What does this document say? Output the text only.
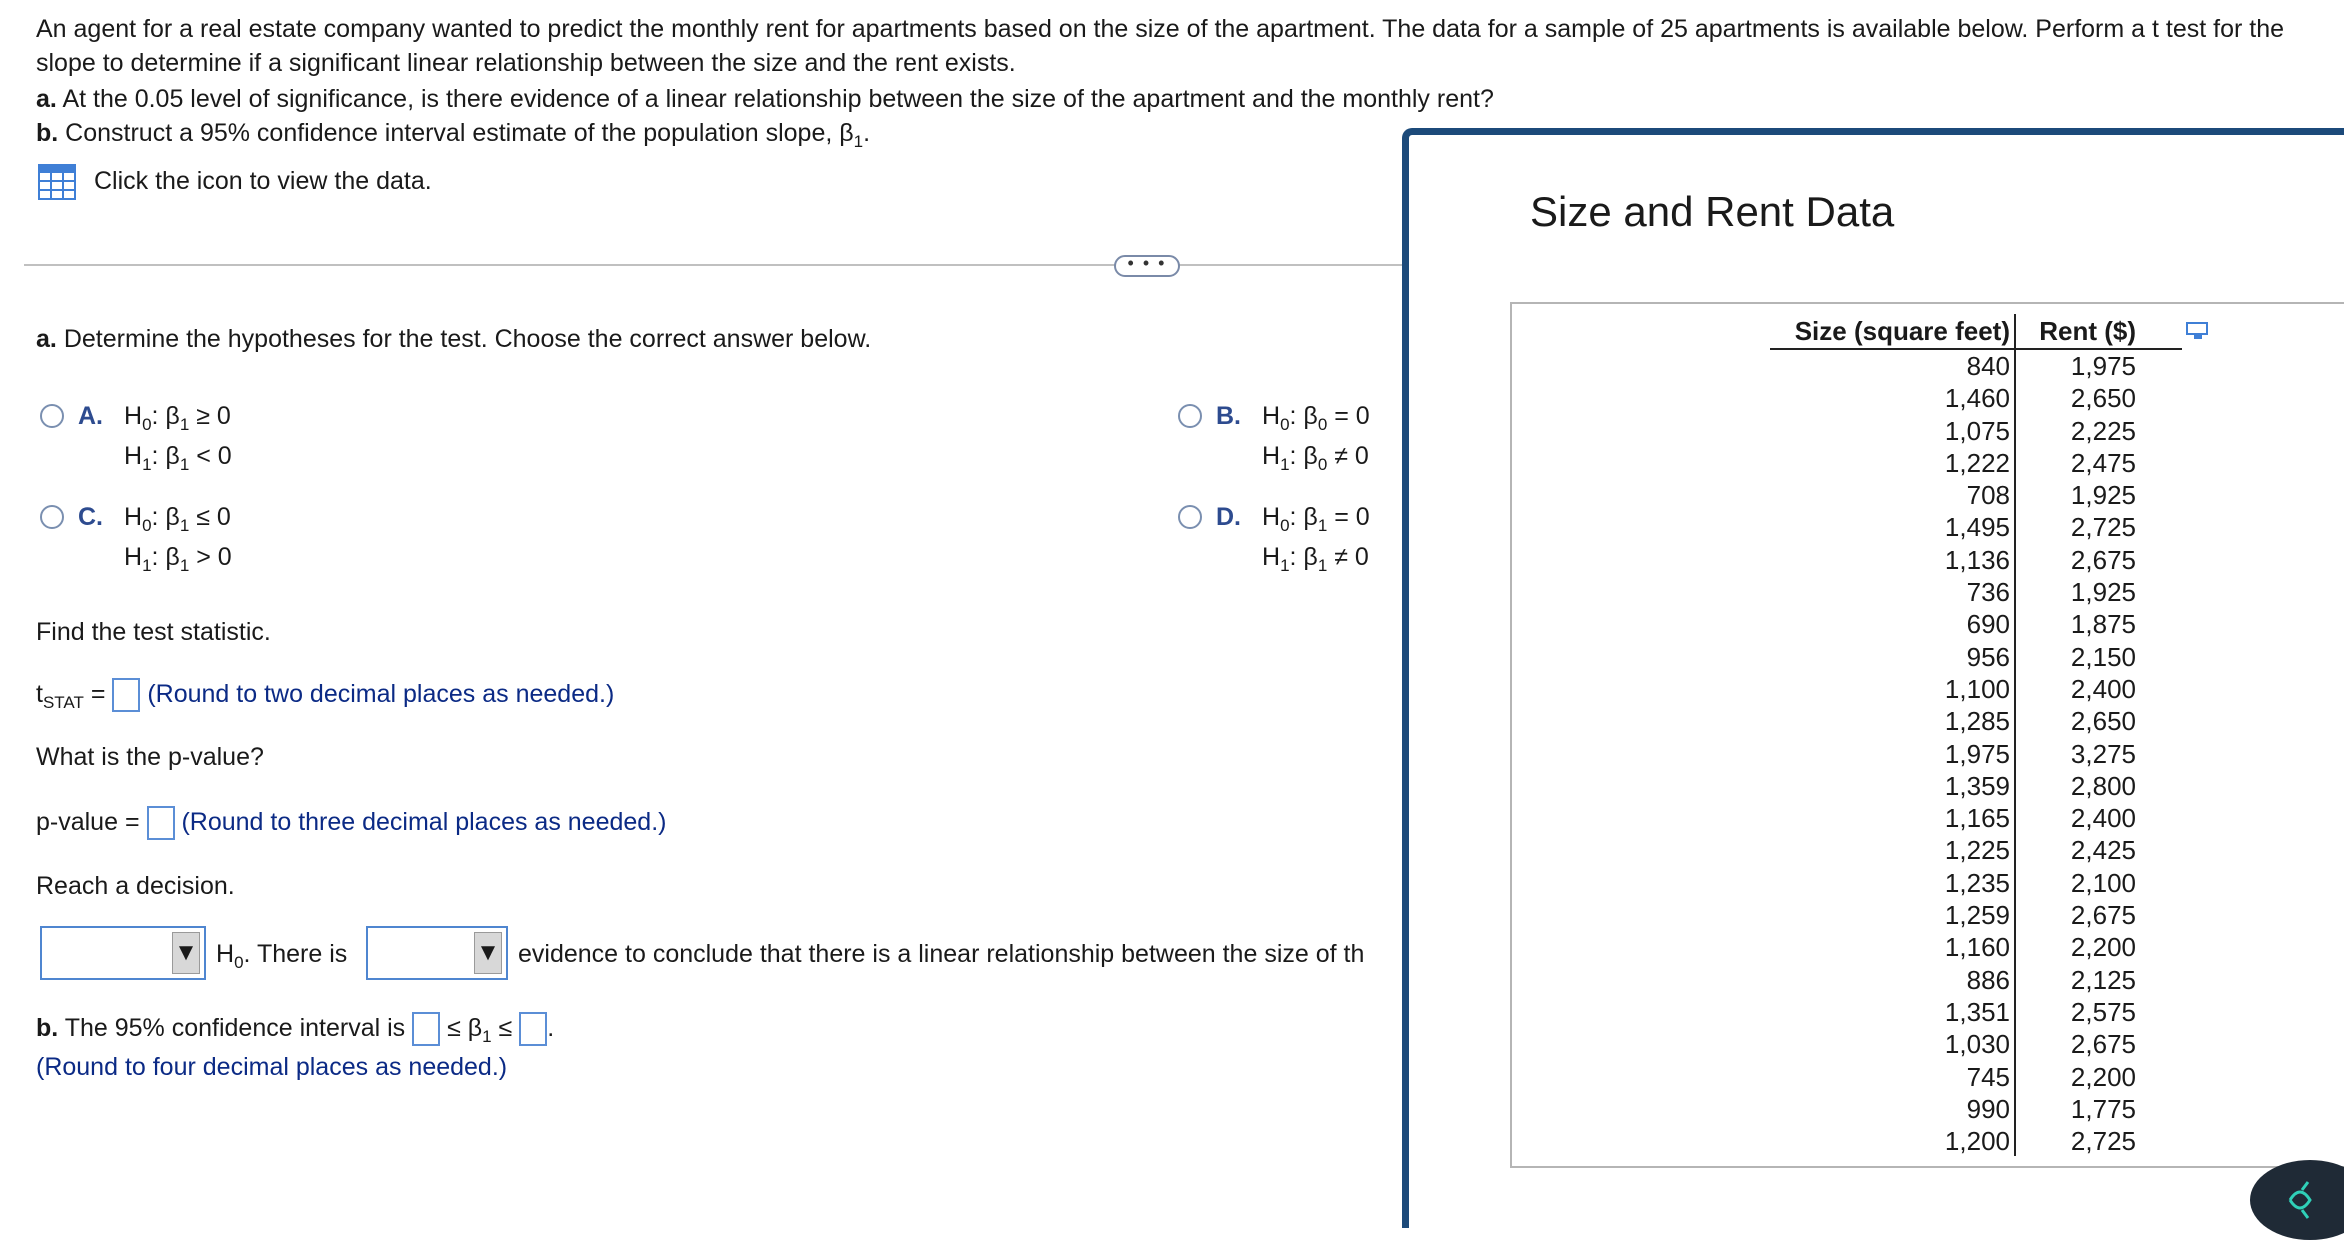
An agent for a real estate company wanted to predict the monthly rent for apartments based on the size of the apartment. The data for a sample of 25 apartments is available below. Perform a t test for the slope to determine if a significant linear relationship between the size and the rent exists.
a. At the 0.05 level of significance, is there evidence of a linear relationship between the size of the apartment and the monthly rent?
b. Construct a 95% confidence interval estimate of the population slope, $\beta_1$.
Click the icon to view the data.
• • •
a. Determine the hypotheses for the test. Choose the correct answer below.
A. $H_0$: $\beta_1 \ge 0$
$H_1$: $\beta_1 < 0$
B. $H_0$: $\beta_0 = 0$
$H_1$: $\beta_0 \ne 0$
C. $H_0$: $\beta_1 \le 0$
$H_1$: $\beta_1 > 0$
D. $H_0$: $\beta_1 = 0$
$H_1$: $\beta_1 \ne 0$
Find the test statistic.
$t_{STAT}$ = (Round to two decimal places as needed.)
What is the p-value?
p-value = (Round to three decimal places as needed.)
Reach a decision.
▼ $H_0$. There is	▼ evidence to conclude that there is a linear relationship between the size of th
b. The 95% confidence interval is ≤ $\beta_1$ ≤ .
(Round to four decimal places as needed.)
Size and Rent Data
Size (square feet)	Rent ($)
840
1,460
1,075
1,222
708
1,495
1,136
736
690
956
1,100
1,285
1,975
1,359
1,165
1,225
1,235
1,259
1,160
886
1,351
1,030
745
990
1,200
1,975
2,650
2,225
2,475
1,925
2,725
2,675
1,925
1,875
2,150
2,400
2,650
3,275
2,800
2,400
2,425
2,100
2,675
2,200
2,125
2,575
2,675
2,200
1,775
2,725
